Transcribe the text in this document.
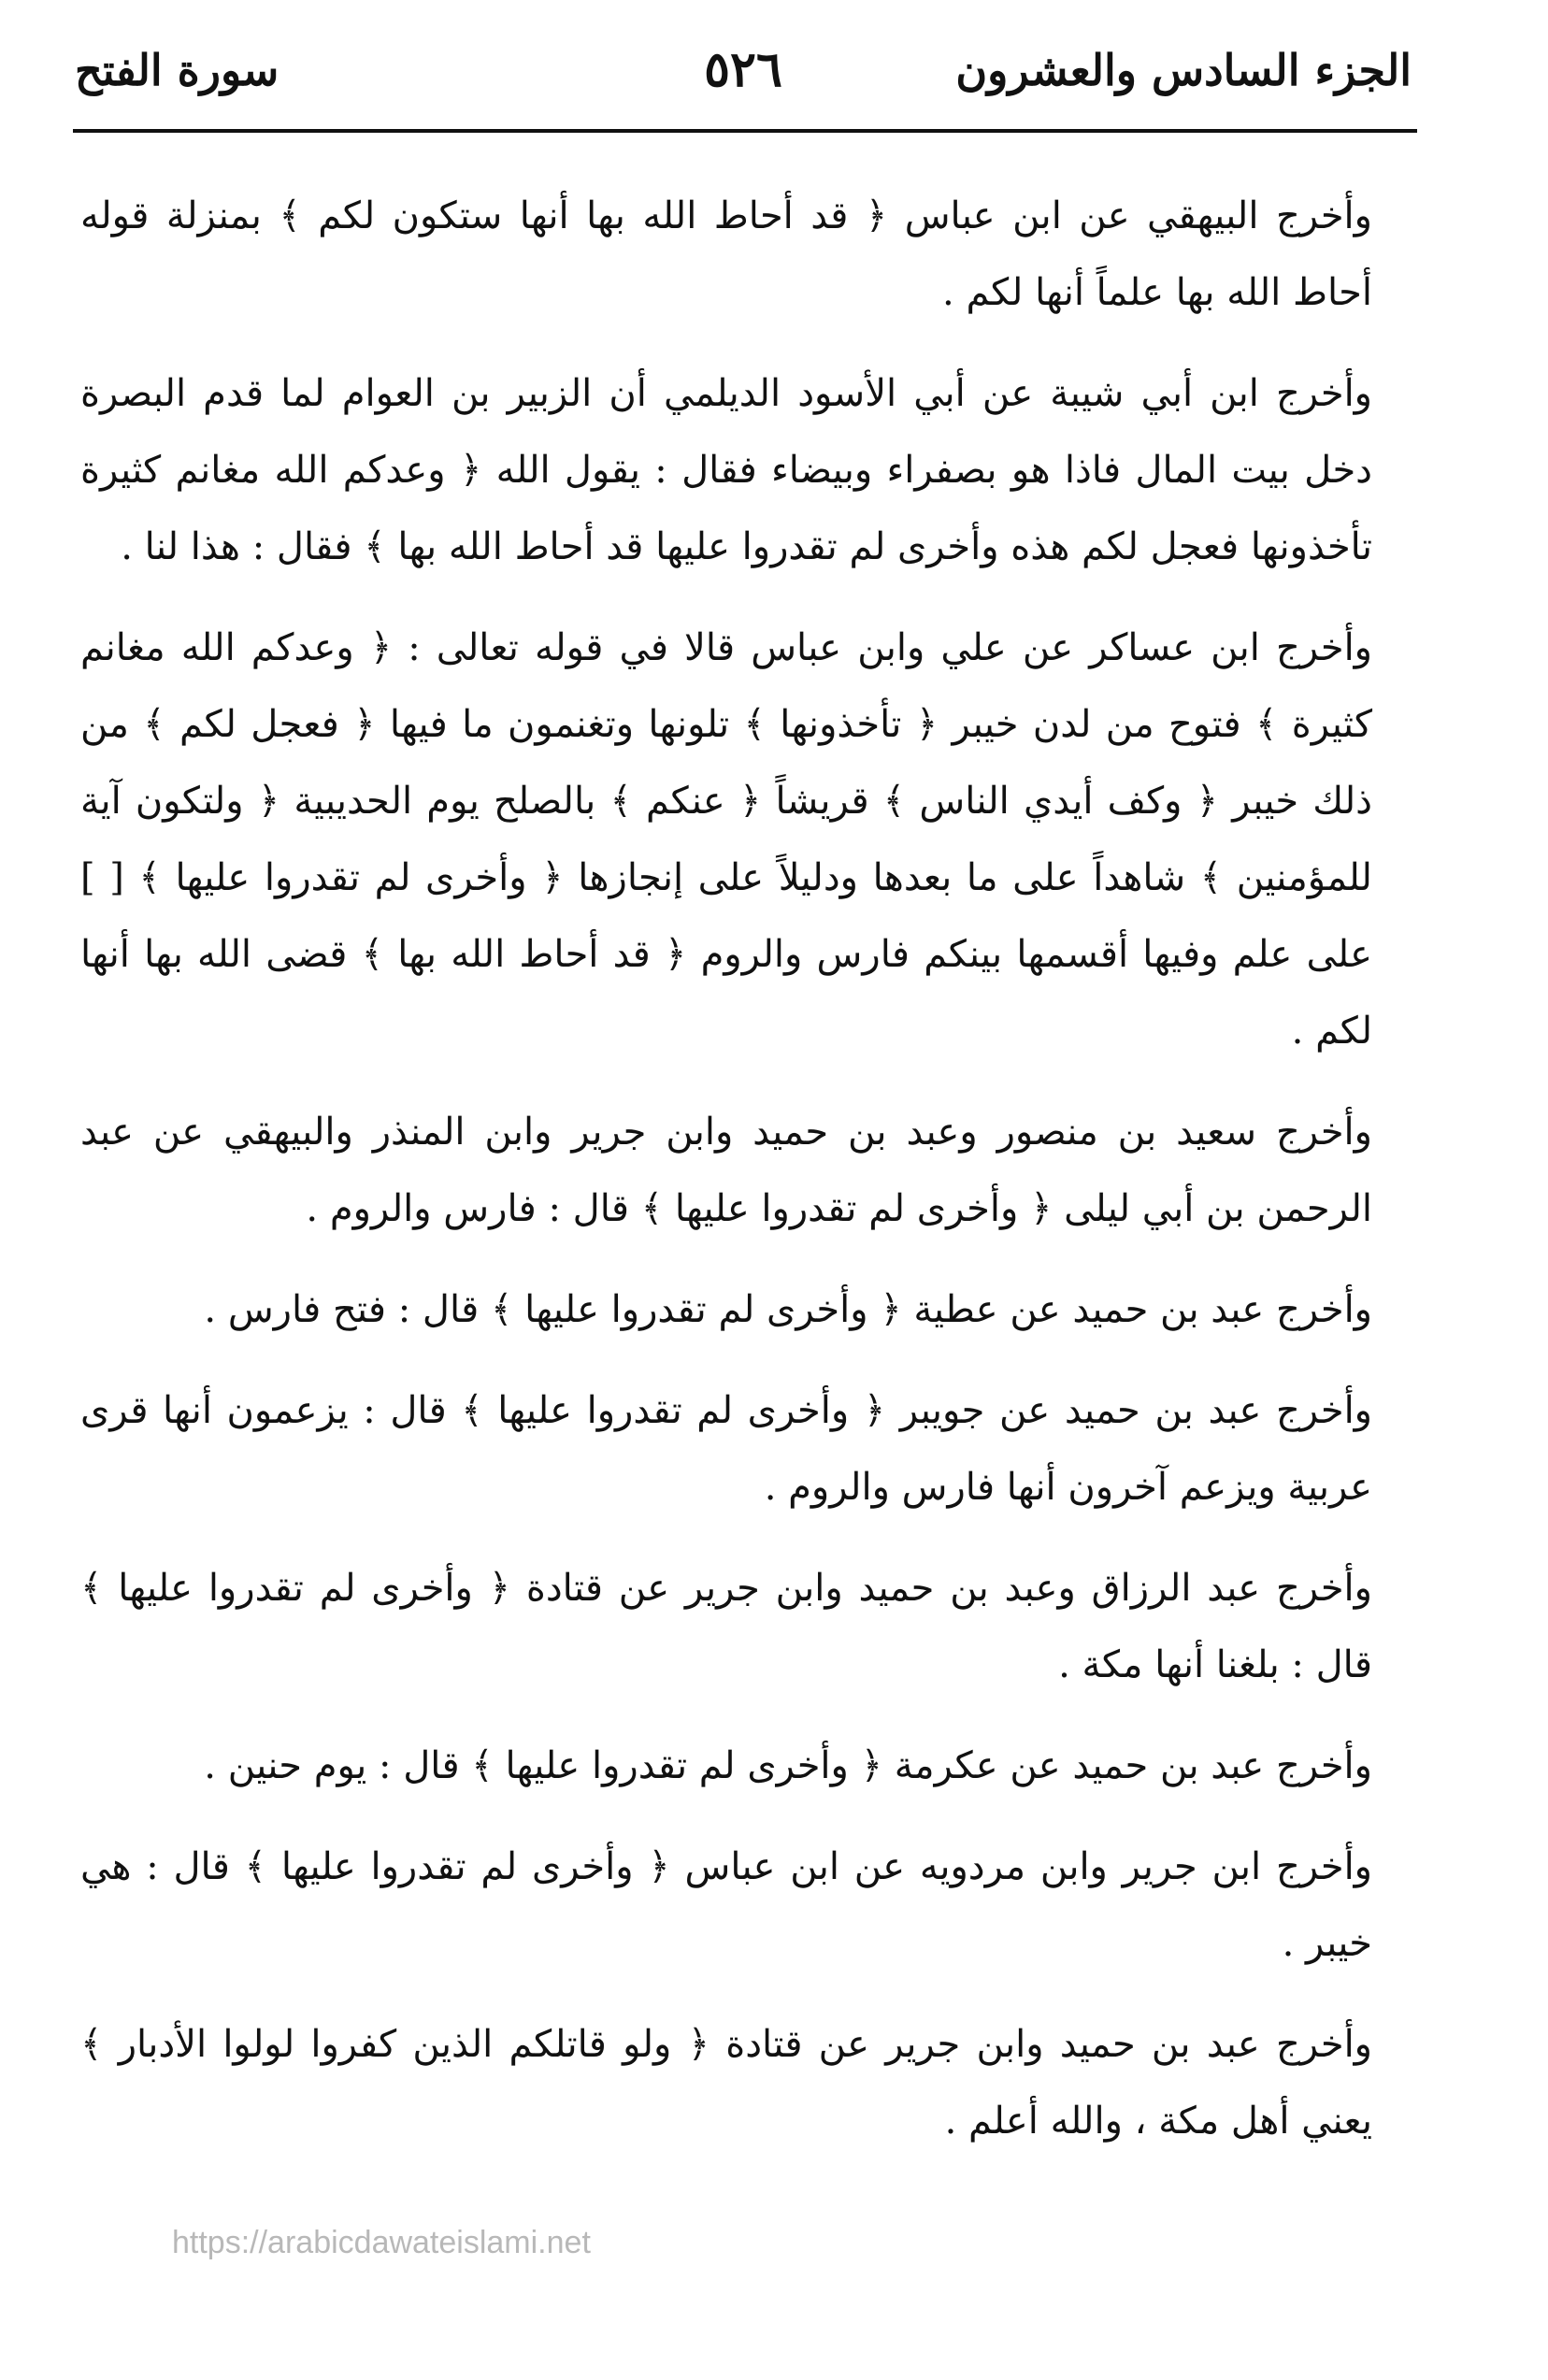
الجزء السادس والعشرون
٥٢٦
سورة الفتح

وأخرج البيهقي عن ابن عباس ﴿ قد أحاط الله بها أنها ستكون لكم ﴾ بمنزلة قوله أحاط الله بها علماً أنها لكم .

وأخرج ابن أبي شيبة عن أبي الأسود الديلمي أن الزبير بن العوام لما قدم البصرة دخل بيت المال فاذا هو بصفراء وبيضاء فقال : يقول الله ﴿ وعدكم الله مغانم كثيرة تأخذونها فعجل لكم هذه وأخرى لم تقدروا عليها قد أحاط الله بها ﴾ فقال : هذا لنا .

وأخرج ابن عساكر عن علي وابن عباس قالا في قوله تعالى : ﴿ وعدكم الله مغانم كثيرة ﴾ فتوح من لدن خيبر ﴿ تأخذونها ﴾ تلونها وتغنمون ما فيها ﴿ فعجل لكم ﴾ من ذلك خيبر ﴿ وكف أيدي الناس ﴾ قريشاً ﴿ عنكم ﴾ بالصلح يوم الحديبية ﴿ ولتكون آية للمؤمنين ﴾ شاهداً على ما بعدها ودليلاً على إنجازها ﴿ وأخرى لم تقدروا عليها ﴾ [ ] على علم وفيها أقسمها بينكم فارس والروم ﴿ قد أحاط الله بها ﴾ قضى الله بها أنها لكم .

وأخرج سعيد بن منصور وعبد بن حميد وابن جرير وابن المنذر والبيهقي عن عبد الرحمن بن أبي ليلى ﴿ وأخرى لم تقدروا عليها ﴾ قال : فارس والروم .

وأخرج عبد بن حميد عن عطية ﴿ وأخرى لم تقدروا عليها ﴾ قال : فتح فارس .

وأخرج عبد بن حميد عن جويبر ﴿ وأخرى لم تقدروا عليها ﴾ قال : يزعمون أنها قرى عربية ويزعم آخرون أنها فارس والروم .

وأخرج عبد الرزاق وعبد بن حميد وابن جرير عن قتادة ﴿ وأخرى لم تقدروا عليها ﴾ قال : بلغنا أنها مكة .

وأخرج عبد بن حميد عن عكرمة ﴿ وأخرى لم تقدروا عليها ﴾ قال : يوم حنين .

وأخرج ابن جرير وابن مردويه عن ابن عباس ﴿ وأخرى لم تقدروا عليها ﴾ قال : هي خيبر .

وأخرج عبد بن حميد وابن جرير عن قتادة ﴿ ولو قاتلكم الذين كفروا لولوا الأدبار ﴾ يعني أهل مكة ، والله أعلم .

https://arabicdawateislami.net
